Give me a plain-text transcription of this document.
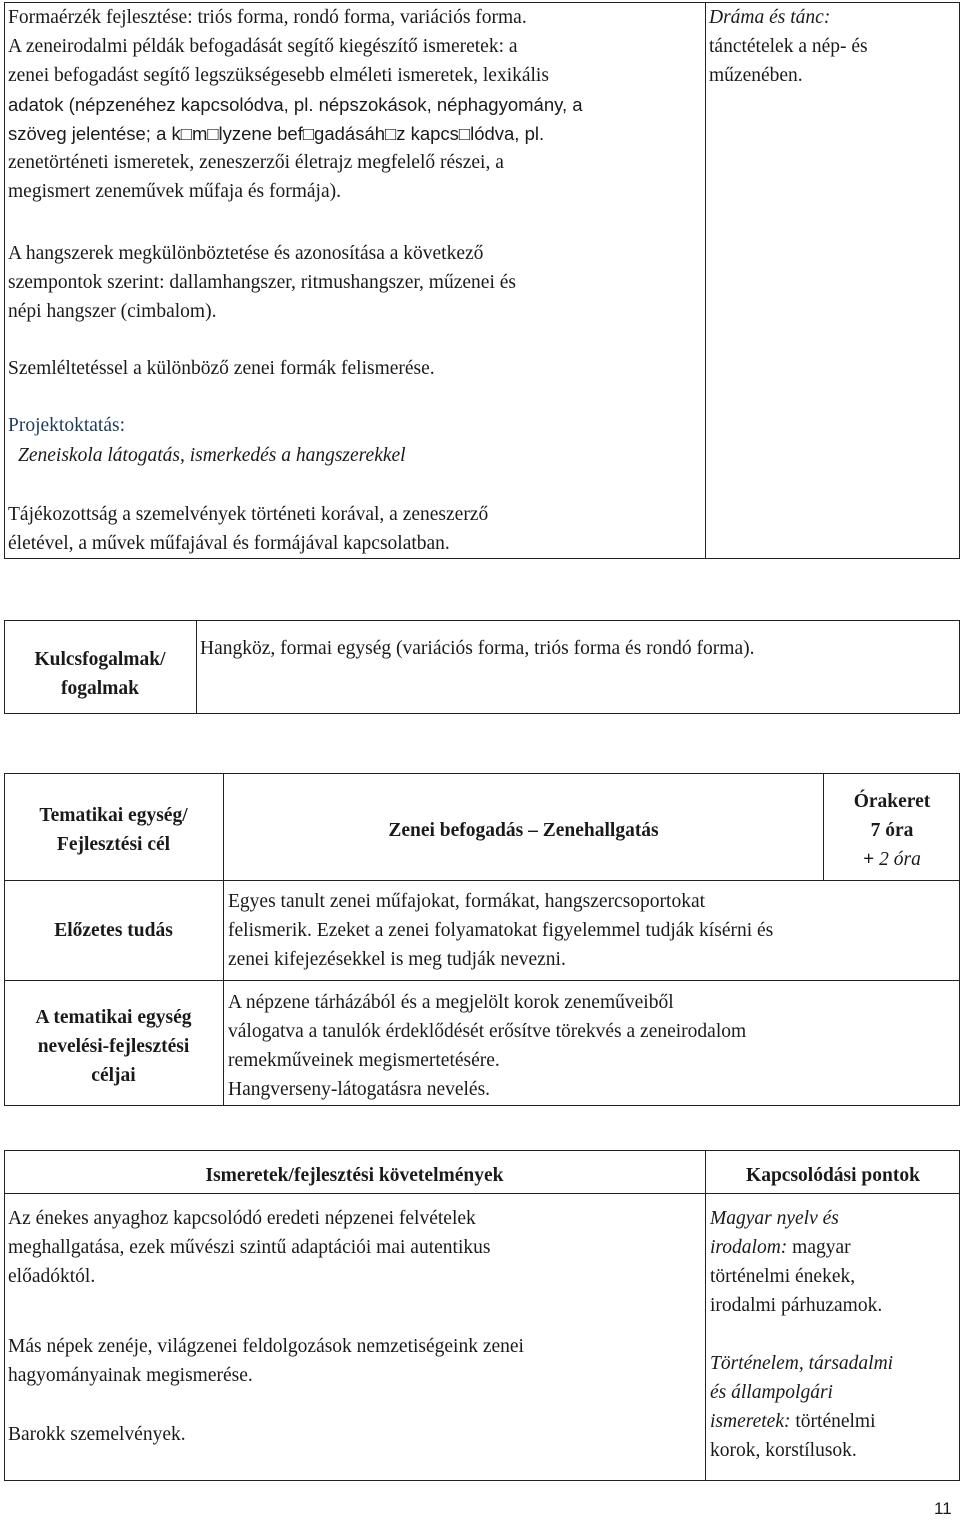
Formaérzék fejlesztése: triós forma, rondó forma, variációs forma.

A zeneirodalmi példák befogadását segítő kiegészítő ismeretek: a

zenei befogadást segítő legszükségesebb elméleti ismeretek, lexikális

adatok (népzenéhez kapcsolódva, pl. népszokások, néphagyomány, a

szöveg jelentése; a k□m□lyzene bef□gadásáh□z kapcs□lódva, pl.

zenetörténeti ismeretek, zeneszerzői életrajz megfelelő részei, a

megismert zeneművek műfaja és formája).

A hangszerek megkülönböztetése és azonosítása a következő

szempontok szerint: dallamhangszer, ritmushangszer, műzenei és

népi hangszer (cimbalom).

Szemléltetéssel a különböző zenei formák felismerése.

Projektoktatás:

Zeneiskola látogatás, ismerkedés a hangszerekkel

Tájékozottság a szemelvények történeti korával, a zeneszerző

életével, a művek műfajával és formájával kapcsolatban.

Dráma és tánc:

tánctételek a nép- és

műzenében.

Kulcsfogalmak/

fogalmak

Hangköz, formai egység (variációs forma, triós forma és rondó forma).

Tematikai egység/

Fejlesztési cél

Zenei befogadás – Zenehallgatás

Órakeret

7 óra

+ 2 óra

Előzetes tudás

Egyes tanult zenei műfajokat, formákat, hangszercsoportokat

felismerik. Ezeket a zenei folyamatokat figyelemmel tudják kísérni és

zenei kifejezésekkel is meg tudják nevezni.

A tematikai egység

nevelési-fejlesztési

céljai

A népzene tárházából és a megjelölt korok zeneműveiből

válogatva a tanulók érdeklődését erősítve törekvés a zeneirodalom

remekműveinek megismertetésére.

Hangverseny-látogatásra nevelés.

Ismeretek/fejlesztési követelmények	Kapcsolódási pontok

Az énekes anyaghoz kapcsolódó eredeti népzenei felvételek

meghallgatása, ezek művészi szintű adaptációi mai autentikus

előadóktól.

Más népek zenéje, világzenei feldolgozások nemzetiségeink zenei

hagyományainak megismerése.

Barokk szemelvények.

Magyar nyelv és

irodalom: magyar

történelmi énekek,

irodalmi párhuzamok.

Történelem, társadalmi

és állampolgári

ismeretek: történelmi

korok, korstílusok.

11
